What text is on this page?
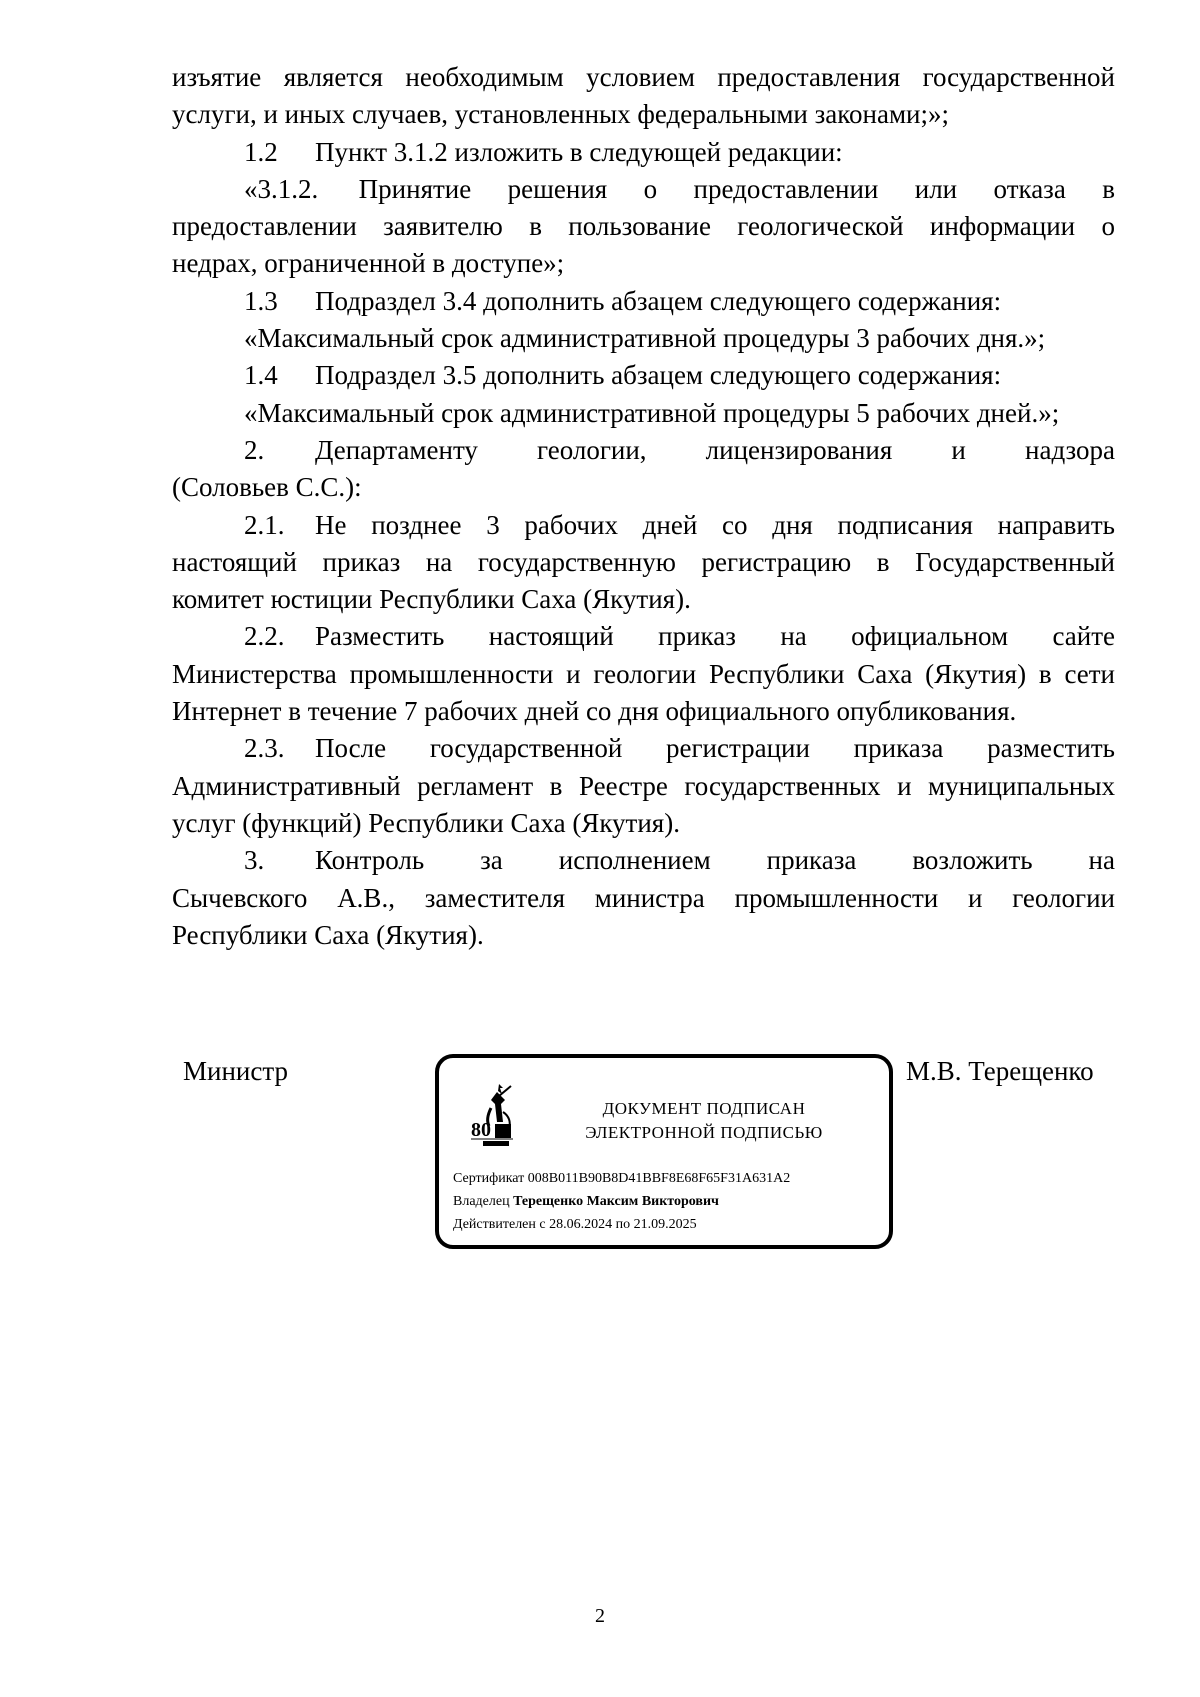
изъятие является необходимым условием предоставления государственной
услуги, и иных случаев, установленных федеральными законами;»;
1.2 Пункт 3.1.2 изложить в следующей редакции:
«3.1.2. Принятие решения о предоставлении или отказа в
предоставлении заявителю в пользование геологической информации о
недрах, ограниченной в доступе»;
1.3 Подраздел 3.4 дополнить абзацем следующего содержания:
«Максимальный срок административной процедуры 3 рабочих дня.»;
1.4 Подраздел 3.5 дополнить абзацем следующего содержания:
«Максимальный срок административной процедуры 5 рабочих дней.»;
2. Департаменту геологии, лицензирования и надзора
(Соловьев С.С.):
2.1. Не позднее 3 рабочих дней со дня подписания направить
настоящий приказ на государственную регистрацию в Государственный
комитет юстиции Республики Саха (Якутия).
2.2. Разместить настоящий приказ на официальном сайте
Министерства промышленности и геологии Республики Саха (Якутия) в сети
Интернет в течение 7 рабочих дней со дня официального опубликования.
2.3. После государственной регистрации приказа разместить
Административный регламент в Реестре государственных и муниципальных
услуг (функций) Республики Саха (Якутия).
3. Контроль за исполнением приказа возложить на
Сычевского А.В., заместителя министра промышленности и геологии
Республики Саха (Якутия).
Министр	М.В. Терещенко
80
ДОКУМЕНТ ПОДПИСАН
ЭЛЕКТРОННОЙ ПОДПИСЬЮ
Сертификат 008B011B90B8D41BBF8E68F65F31A631A2
Владелец Терещенко Максим Викторович
Действителен с 28.06.2024 по 21.09.2025
2
